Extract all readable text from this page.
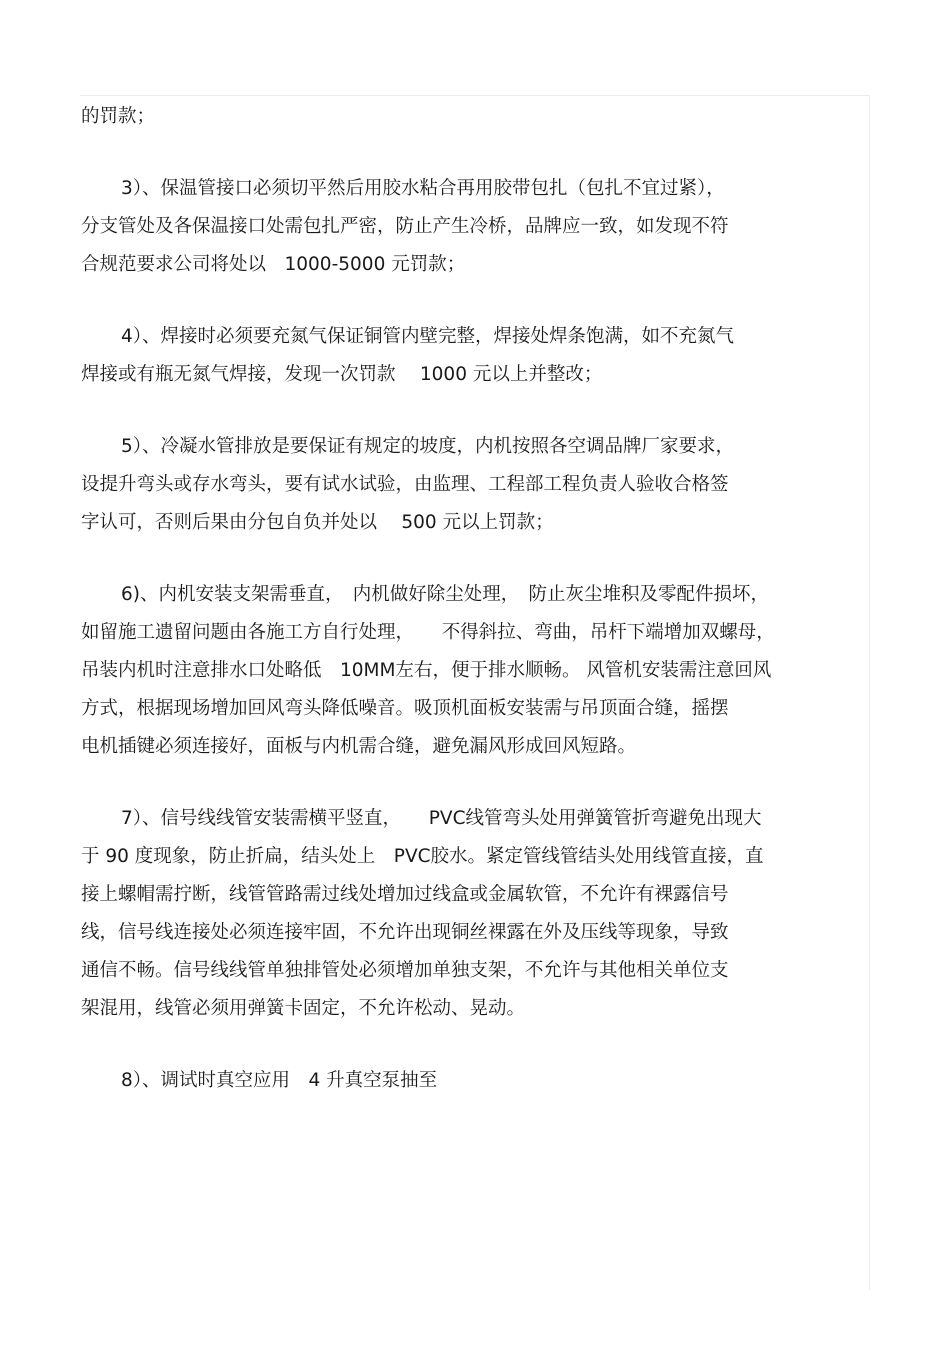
的罚款；
3）、保温管接口必须切平然后用胶水粘合再用胶带包扎（包扎不宜过紧），
分支管处及各保温接口处需包扎严密，防止产生冷桥，品牌应一致，如发现不符
合规范要求公司将处以　1000-5000 元罚款；
4）、焊接时必须要充氮气保证铜管内壁完整，焊接处焊条饱满，如不充氮气
焊接或有瓶无氮气焊接，发现一次罚款　 1000 元以上并整改；
5）、冷凝水管排放是要保证有规定的坡度，内机按照各空调品牌厂家要求，
设提升弯头或存水弯头，要有试水试验，由监理、工程部工程负责人验收合格签
字认可，否则后果由分包自负并处以　 500 元以上罚款；
6)、内机安装支架需垂直，　内机做好除尘处理，　防止灰尘堆积及零配件损坏，
如留施工遗留问题由各施工方自行处理，　　不得斜拉、弯曲，吊杆下端增加双螺母，
吊装内机时注意排水口处略低　10MM左右，便于排水顺畅。 风管机安装需注意回风
方式，根据现场增加回风弯头降低噪音。吸顶机面板安装需与吊顶面合缝，摇摆
电机插键必须连接好，面板与内机需合缝，避免漏风形成回风短路。
7）、信号线线管安装需横平竖直，　　PVC线管弯头处用弹簧管折弯避免出现大
于 90 度现象，防止折扁，结头处上　PVC胶水。紧定管线管结头处用线管直接，直
接上螺帽需拧断，线管管路需过线处增加过线盒或金属软管，不允许有裸露信号
线，信号线连接处必须连接牢固，不允许出现铜丝裸露在外及压线等现象，导致
通信不畅。信号线线管单独排管处必须增加单独支架，不允许与其他相关单位支
架混用，线管必须用弹簧卡固定，不允许松动、晃动。
8）、调试时真空应用　4 升真空泵抽至
